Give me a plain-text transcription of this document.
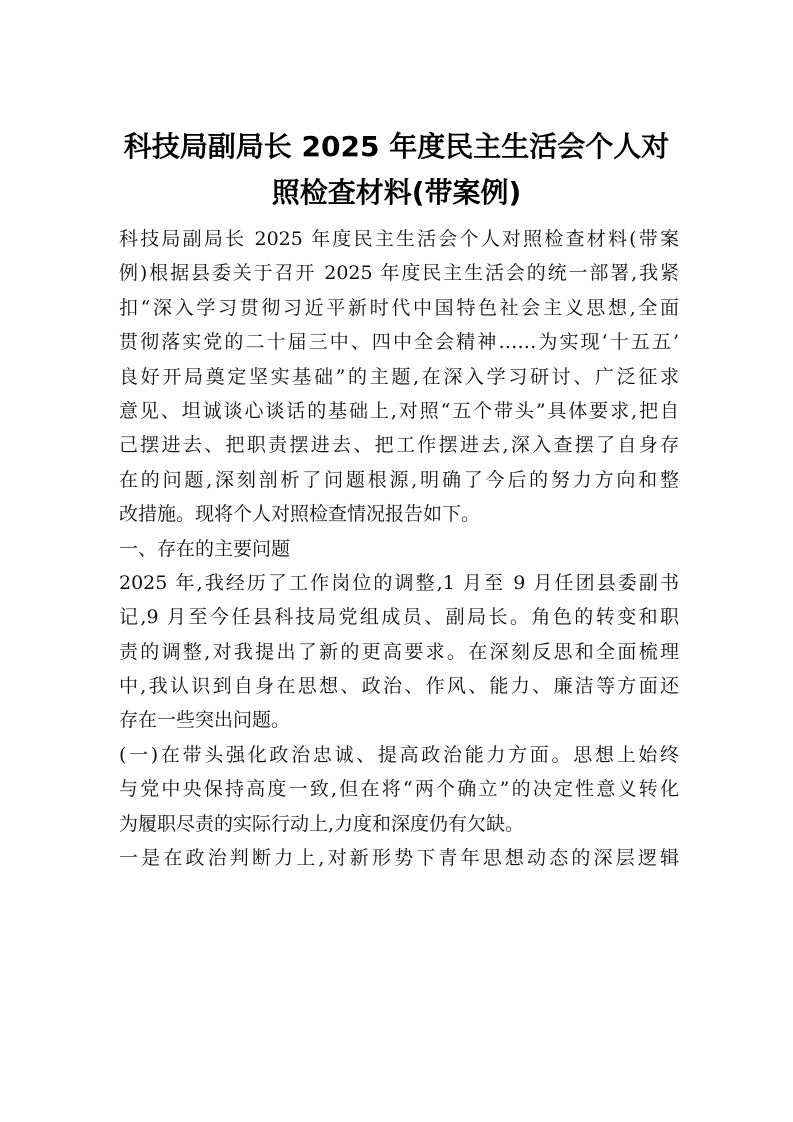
科技局副局长 2025 年度民主生活会个人对
照检查材料(带案例)
科技局副局长 2025 年度民主生活会个人对照检查材料(带案
例)根据县委关于召开 2025 年度民主生活会的统一部署,我紧
扣“深入学习贯彻习近平新时代中国特色社会主义思想,全面
贯彻落实党的二十届三中、四中全会精神……为实现‘十五五’
良好开局奠定坚实基础”的主题,在深入学习研讨、广泛征求
意见、坦诚谈心谈话的基础上,对照“五个带头”具体要求,把自
己摆进去、把职责摆进去、把工作摆进去,深入查摆了自身存
在的问题,深刻剖析了问题根源,明确了今后的努力方向和整
改措施。现将个人对照检查情况报告如下。
一、存在的主要问题
2025 年,我经历了工作岗位的调整,1 月至 9 月任团县委副书
记,9 月至今任县科技局党组成员、副局长。角色的转变和职
责的调整,对我提出了新的更高要求。在深刻反思和全面梳理
中,我认识到自身在思想、政治、作风、能力、廉洁等方面还
存在一些突出问题。
(一)在带头强化政治忠诚、提高政治能力方面。思想上始终
与党中央保持高度一致,但在将“两个确立”的决定性意义转化
为履职尽责的实际行动上,力度和深度仍有欠缺。
一是在政治判断力上,对新形势下青年思想动态的深层逻辑
